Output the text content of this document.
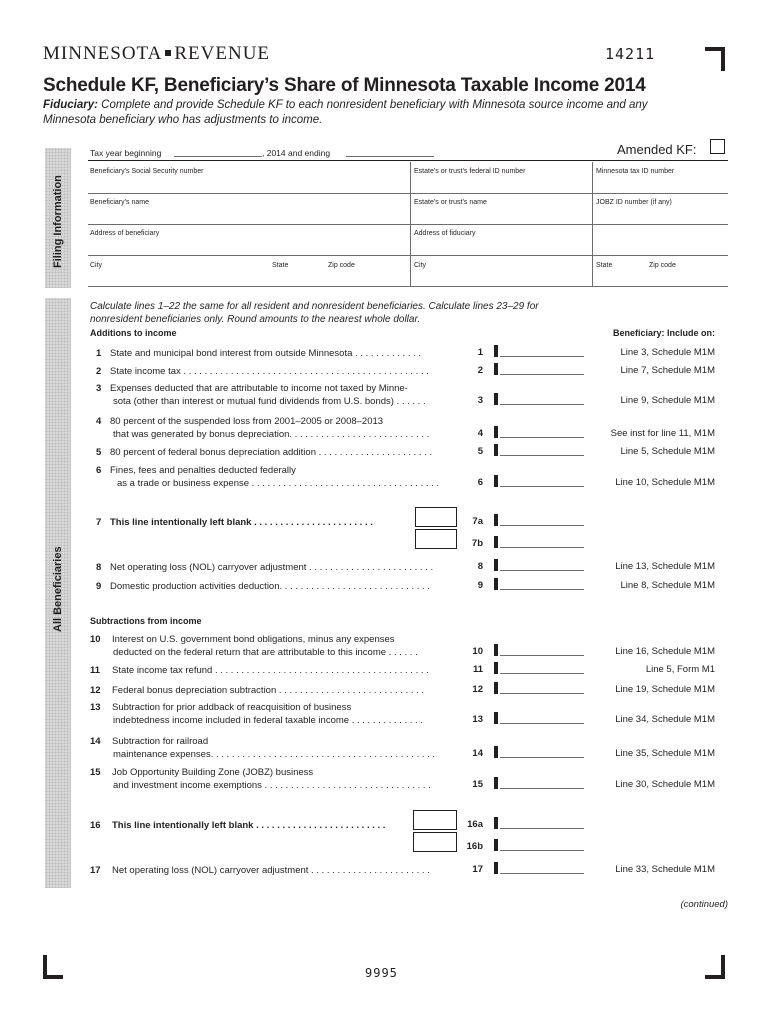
MINNESOTA REVENUE	14211
Schedule KF, Beneficiary’s Share of Minnesota Taxable Income 2014
Fiduciary: Complete and provide Schedule KF to each nonresident beneficiary with Minnesota source income and any Minnesota beneficiary who has adjustments to income.
Filing Information
Tax year beginning	, 2014 and ending	Amended KF:
Beneficiary’s Social Security number	Estate’s or trust’s federal ID number	Minnesota tax ID number
Beneficiary’s name	Estate’s or trust’s name	JOBZ ID number (if any)
Address of beneficiary	Address of fiduciary
City	State	Zip code	City	State	Zip code
All Beneficiaries
Calculate lines 1–22 the same for all resident and nonresident beneficiaries. Calculate lines 23–29 for nonresident beneficiaries only. Round amounts to the nearest whole dollar.
Additions to income	Beneficiary: Include on:
1 State and municipal bond interest from outside Minnesota . . . . . . . . . . . . .	1	Line 3, Schedule M1M
2 State income tax . . . . . . . . . . . . . . . . . . . . . . . . . . . . . . . . . . . . . . . . . . . . . . .	2	Line 7, Schedule M1M
3 Expenses deducted that are attributable to income not taxed by Minne-
sota (other than interest or mutual fund dividends from U.S. bonds) . . . . . .	3	Line 9, Schedule M1M
4 80 percent of the suspended loss from 2001–2005 or 2008–2013
that was generated by bonus depreciation. . . . . . . . . . . . . . . . . . . . . . . . . . .	4	See inst for line 11, M1M
5 80 percent of federal bonus depreciation addition . . . . . . . . . . . . . . . . . . . . . .	5	Line 5, Schedule M1M
6 Fines, fees and penalties deducted federally
as a trade or business expense . . . . . . . . . . . . . . . . . . . . . . . . . . . . . . . . . . . .	6	Line 10, Schedule M1M
7 This line intentionally left blank . . . . . . . . . . . . . . . . . . . . . . .	7a
7b
8 Net operating loss (NOL) carryover adjustment . . . . . . . . . . . . . . . . . . . . . . . .	8	Line 13, Schedule M1M
9 Domestic production activities deduction. . . . . . . . . . . . . . . . . . . . . . . . . . . . .	9	Line 8, Schedule M1M
Subtractions from income
10 Interest on U.S. government bond obligations, minus any expenses
deducted on the federal return that are attributable to this income . . . . . .	10	Line 16, Schedule M1M
11 State income tax refund . . . . . . . . . . . . . . . . . . . . . . . . . . . . . . . . . . . . . . . . .	11	Line 5, Form M1
12 Federal bonus depreciation subtraction . . . . . . . . . . . . . . . . . . . . . . . . . . . .	12	Line 19, Schedule M1M
13 Subtraction for prior addback of reacquisition of business
indebtedness income included in federal taxable income . . . . . . . . . . . . . .	13	Line 34, Schedule M1M
14 Subtraction for railroad
maintenance expenses. . . . . . . . . . . . . . . . . . . . . . . . . . . . . . . . . . . . . . . . . . .	14	Line 35, Schedule M1M
15 Job Opportunity Building Zone (JOBZ) business
and investment income exemptions . . . . . . . . . . . . . . . . . . . . . . . . . . . . . . . .	15	Line 30, Schedule M1M
16 This line intentionally left blank . . . . . . . . . . . . . . . . . . . . . . . . .	16a
16b
17 Net operating loss (NOL) carryover adjustment . . . . . . . . . . . . . . . . . . . . . . .	17	Line 33, Schedule M1M
(continued)
9995
